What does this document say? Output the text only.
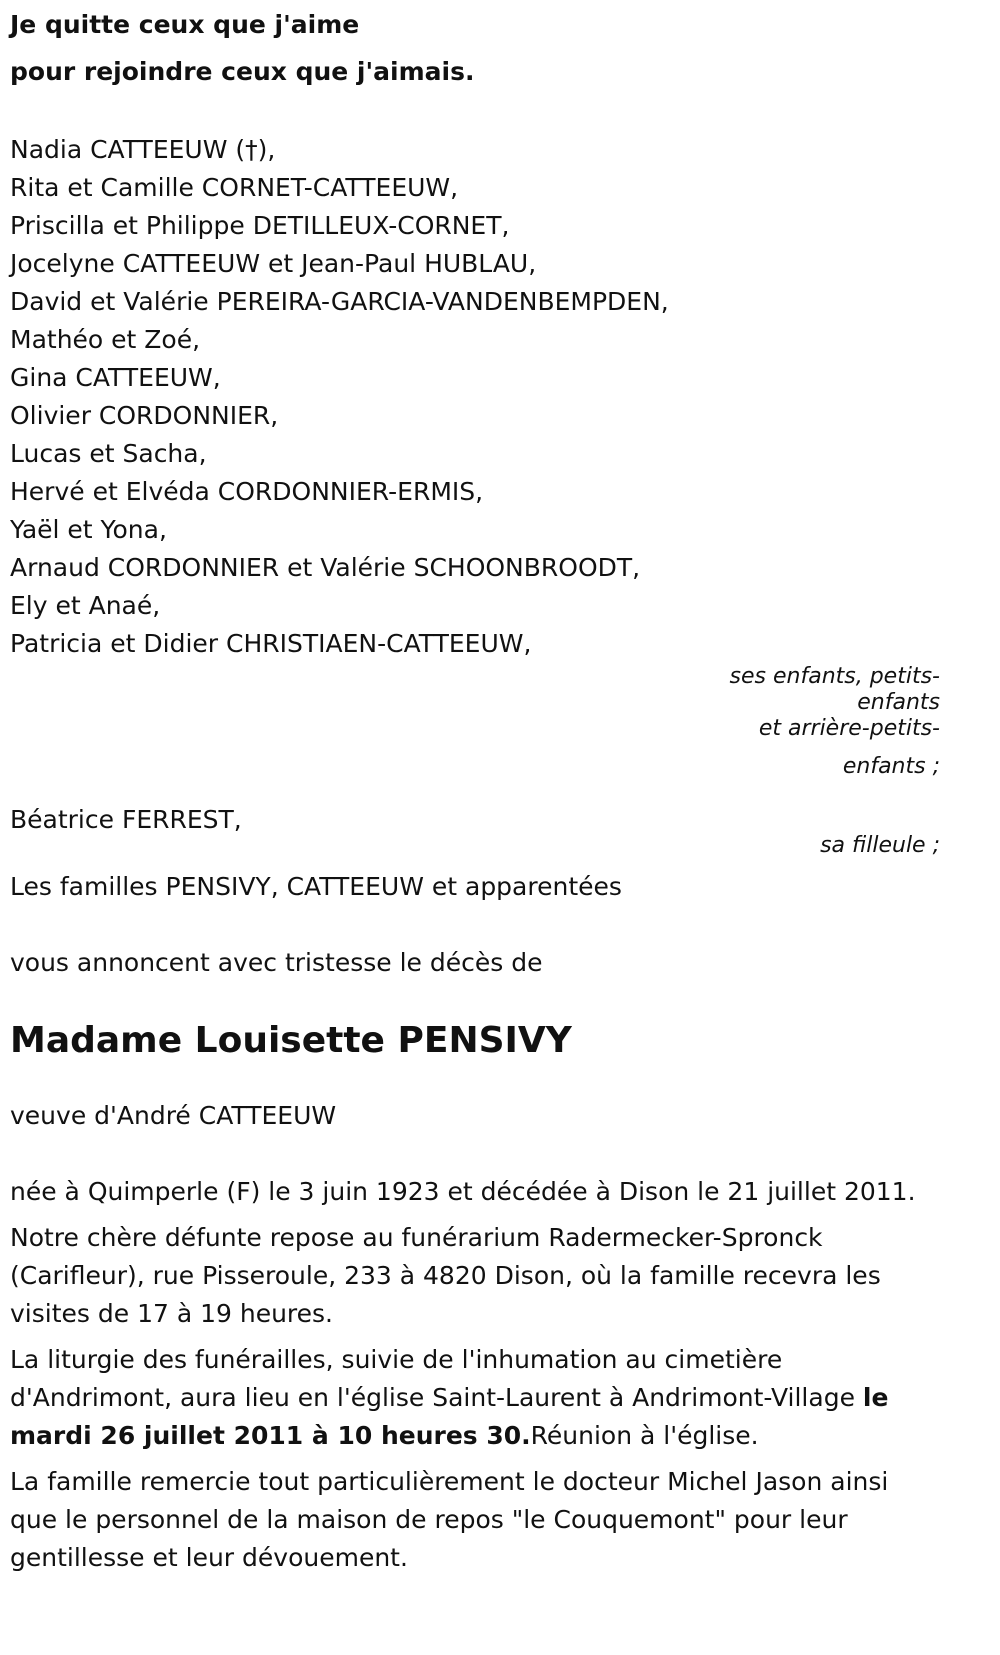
Je quitte ceux que j'aime
pour rejoindre ceux que j'aimais.
Nadia CATTEEUW (†),
Rita et Camille CORNET-CATTEEUW,
Priscilla et Philippe DETILLEUX-CORNET,
Jocelyne CATTEEUW et Jean-Paul HUBLAU,
David et Valérie PEREIRA-GARCIA-VANDENBEMPDEN,
Mathéo et Zoé,
Gina CATTEEUW,
Olivier CORDONNIER,
Lucas et Sacha,
Hervé et Elvéda CORDONNIER-ERMIS,
Yaël et Yona,
Arnaud CORDONNIER et Valérie SCHOONBROODT,
Ely et Anaé,
Patricia et Didier CHRISTIAEN-CATTEEUW,
ses enfants, petits-
enfants
et arrière-petits-
enfants ;
Béatrice FERREST,
sa filleule ;
Les familles PENSIVY, CATTEEUW et apparentées
vous annoncent avec tristesse le décès de
Madame Louisette PENSIVY
veuve d'André CATTEEUW

née à Quimperle (F) le 3 juin 1923 et décédée à Dison le 21 juillet 2011.

Notre chère défunte repose au funérarium Radermecker-Spronck (Carifleur), rue Pisseroule, 233 à 4820 Dison, où la famille recevra les visites de 17 à 19 heures.

La liturgie des funérailles, suivie de l'inhumation au cimetière d'Andrimont, aura lieu en l'église Saint-Laurent à Andrimont-Village le mardi 26 juillet 2011 à 10 heures 30.Réunion à l'église.

La famille remercie tout particulièrement le docteur Michel Jason ainsi que le personnel de la maison de repos "le Couquemont" pour leur gentillesse et leur dévouement.
